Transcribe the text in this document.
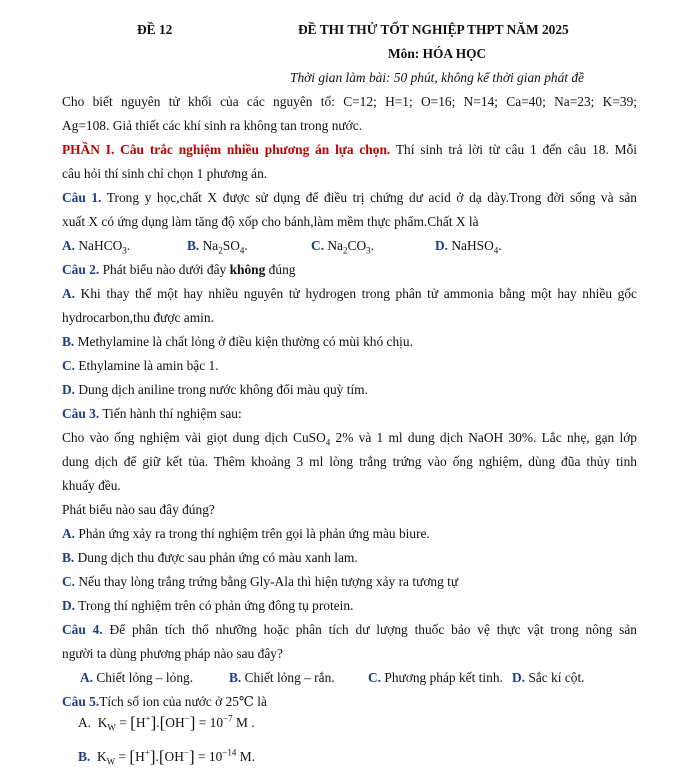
ĐỀ 12	ĐỀ THI THỬ TỐT NGHIỆP THPT NĂM 2025
Môn: HÓA HỌC
Thời gian làm bài: 50 phút, không kể thời gian phát đề
Cho biết nguyên tử khối của các nguyên tố: C=12; H=1; O=16; N=14; Ca=40; Na=23; K=39;
Ag=108. Giả thiết các khí sinh ra không tan trong nước.
PHẦN I. Câu trắc nghiệm nhiều phương án lựa chọn. Thí sinh trả lời từ câu 1 đến câu 18. Mỗi
câu hỏi thí sinh chỉ chọn 1 phương án.
Câu 1. Trong y học,chất X được sử dụng để điều trị chứng dư acid ở dạ dày.Trong đời sống và sản
xuất X có ứng dụng làm tăng độ xốp cho bánh,làm mềm thực phẩm.Chất X là
A. NaHCO$_3$.	B. $Na_2SO_4$.	C. $Na_2CO_3$.	D. NaHSO$_4$.
Câu 2. Phát biểu nào dưới đây không đúng
A. Khi thay thế một hay nhiều nguyên tử hydrogen trong phân tử ammonia bằng một hay nhiều gốc
hydrocarbon,thu được amin.
B. Methylamine là chất lỏng ở điều kiện thường có mùi khó chịu.
C. Ethylamine là amin bậc 1.
D. Dung dịch aniline trong nước không đổi màu quỳ tím.
Câu 3. Tiến hành thí nghiệm sau:
Cho vào ống nghiệm vài giọt dung dịch CuSO$_4$ 2% và 1 ml dung dịch NaOH 30%. Lắc nhẹ, gạn lớp
dung dịch để giữ kết tủa. Thêm khoảng 3 ml lòng trắng trứng vào ống nghiệm, dùng đũa thủy tinh
khuấy đều.
Phát biểu nào sau đây đúng?
A. Phản ứng xảy ra trong thí nghiệm trên gọi là phản ứng màu biure.
B. Dung dịch thu được sau phản ứng có màu xanh lam.
C. Nếu thay lòng trắng trứng bằng Gly-Ala thì hiện tượng xảy ra tương tự
D. Trong thí nghiệm trên có phản ứng đông tụ protein.
Câu 4. Để phân tích thổ nhưỡng hoặc phân tích dư lượng thuốc bảo vệ thực vật trong nông sản
người ta dùng phương pháp nào sau đây?
A. Chiết lỏng – lỏng.	B. Chiết lỏng – rắn. C. Phương pháp kết tinh. D. Sắc kí cột.
Câu 5.Tích số ion của nước ở 25℃ là
A. $K_W = [H^+].[OH^-] = 10^{-7}$ M .
B. $K_W = [H^+].[OH^-] = 10^{-14}$ M.
